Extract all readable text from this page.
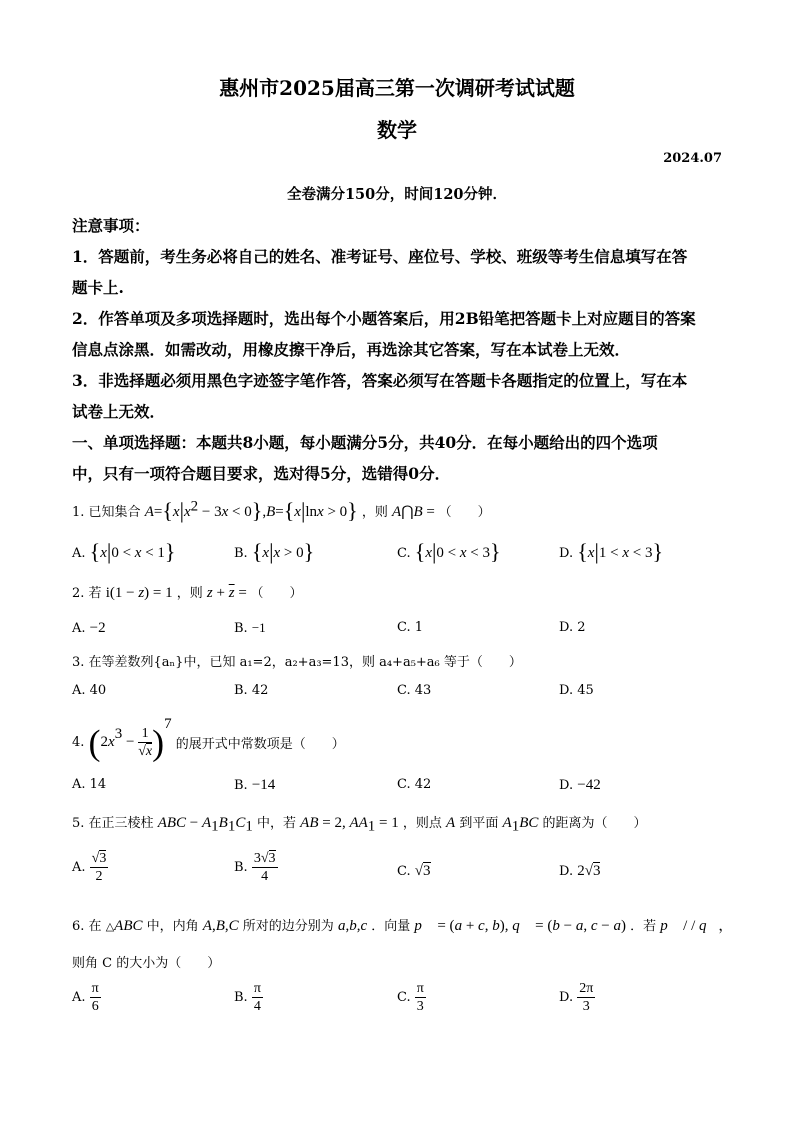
惠州市2025届高三第一次调研考试试题
数学
2024.07
全卷满分150分，时间120分钟．
注意事项：
1．答题前，考生务必将自己的姓名、准考证号、座位号、学校、班级等考生信息填写在答
题卡上.
2．作答单项及多项选择题时，选出每个小题答案后，用2B铅笔把答题卡上对应题目的答案
信息点涂黑．如需改动，用橡皮擦干净后，再选涂其它答案，写在本试卷上无效．
3．非选择题必须用黑色字迹签字笔作答，答案必须写在答题卡各题指定的位置上，写在本
试卷上无效．
一、单项选择题：本题共8小题，每小题满分5分，共40分．在每小题给出的四个选项
中，只有一项符合题目要求，选对得5分，选错得0分．
1. 已知集合 $A=\{x|x^2 - 3x < 0\},B=\{x|\ln x > 0\}$ ，则 A⋂B = （　　）
A. {x|0 < x < 1}	B. {x|x > 0}	C. {x|0 < x < 3}	D. {x|1 < x < 3}
2. 若 i(1 − z) = 1 ，则 $z + \overline{z}$ = （　　）
A. −2	B. −1	C. 1	D. 2
3. 在等差数列{aₙ}中，已知 a₁=2，a₂+a₃=13，则 a₄+a₅+a₆ 等于（　　）
A. 40	B. 42	C. 43	D. 45
4. $(2x^3 - \frac{1}{√x} )^7$ 的展开式中常数项是（　　）
A. 14	B. −14	C. 42	D. −42
5. 在正三棱柱 ABC − $A_1B_1C_1$ 中，若 AB = 2, $AA_1 = 1$ ，则点 A 到平面 $A_1BC$ 的距离为（　　）
A. $\frac{√3}{2}$	B. $\frac{3√3}{4}$	C. √3	D. 2√3
6. 在 △ABC 中，内角 A,B,C 所对的边分别为 a,b,c ．向量 p⃗ = (a + c, b), q⃗ = (b − a, c − a) ．若 p⃗ / / q⃗，
则角 C 的大小为（　　）
A. $\frac{\pi}{6}$	B. $\frac{\pi}{4}$	C. $\frac{\pi}{3}$	D. $\frac{2\pi}{3}$
